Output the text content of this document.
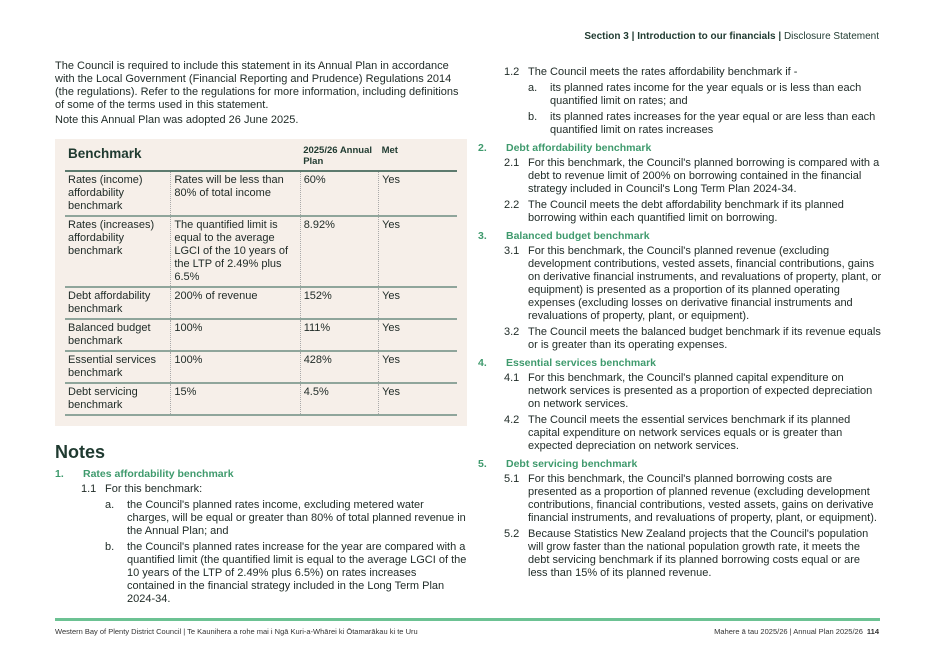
Section 3 | Introduction to our financials | Disclosure Statement

The Council is required to include this statement in its Annual Plan in accordance with the Local Government (Financial Reporting and Prudence) Regulations 2014 (the regulations). Refer to the regulations for more information, including definitions of some of the terms used in this statement.

Note this Annual Plan was adopted 26 June 2025.

Benchmark		2025/26 Annual Plan	Met
Rates (income) affordability benchmark	Rates will be less than 80% of total income	60%	Yes
Rates (increases) affordability benchmark	The quantified limit is equal to the average LGCI of the 10 years of the LTP of 2.49% plus 6.5%	8.92%	Yes
Debt affordability benchmark	200% of revenue	152%	Yes
Balanced budget benchmark	100%	111%	Yes
Essential services benchmark	100%	428%	Yes
Debt servicing benchmark	15%	4.5%	Yes
Notes
1.	Rates affordability benchmark
1.1 For this benchmark:
a.	the Council's planned rates income, excluding metered water charges, will be equal or greater than 80% of total planned revenue in the Annual Plan; and
b.	the Council's planned rates increase for the year are compared with a quantified limit (the quantified limit is equal to the average LGCI of the 10 years of the LTP of 2.49% plus 6.5%) on rates increases contained in the financial strategy included in the Long Term Plan 2024-34.
1.2 The Council meets the rates affordability benchmark if -
a.	its planned rates income for the year equals or is less than each quantified limit on rates; and
b.	its planned rates increases for the year equal or are less than each quantified limit on rates increases
2.	Debt affordability benchmark
2.1 For this benchmark, the Council's planned borrowing is compared with a debt to revenue limit of 200% on borrowing contained in the financial strategy included in Council's Long Term Plan 2024-34.
2.2 The Council meets the debt affordability benchmark if its planned borrowing within each quantified limit on borrowing.
3.	Balanced budget benchmark
3.1 For this benchmark, the Council's planned revenue (excluding development contributions, vested assets, financial contributions, gains on derivative financial instruments, and revaluations of property, plant, or equipment) is presented as a proportion of its planned operating expenses (excluding losses on derivative financial instruments and revaluations of property, plant, or equipment).
3.2 The Council meets the balanced budget benchmark if its revenue equals or is greater than its operating expenses.
4.	Essential services benchmark
4.1 For this benchmark, the Council's planned capital expenditure on network services is presented as a proportion of expected depreciation on network services.
4.2 The Council meets the essential services benchmark if its planned capital expenditure on network services equals or is greater than expected depreciation on network services.
5.	Debt servicing benchmark
5.1 For this benchmark, the Council's planned borrowing costs are presented as a proportion of planned revenue (excluding development contributions, financial contributions, vested assets, gains on derivative financial instruments, and revaluations of property, plant, or equipment).
5.2 Because Statistics New Zealand projects that the Council's population will grow faster than the national population growth rate, it meets the debt servicing benchmark if its planned borrowing costs equal or are less than 15% of its planned revenue.
Western Bay of Plenty District Council | Te Kaunihera a rohe mai i Ngā Kuri-a-Whārei ki Ōtamarākau ki te Uru	Mahere ā tau 2025/26 | Annual Plan 2025/26 114
